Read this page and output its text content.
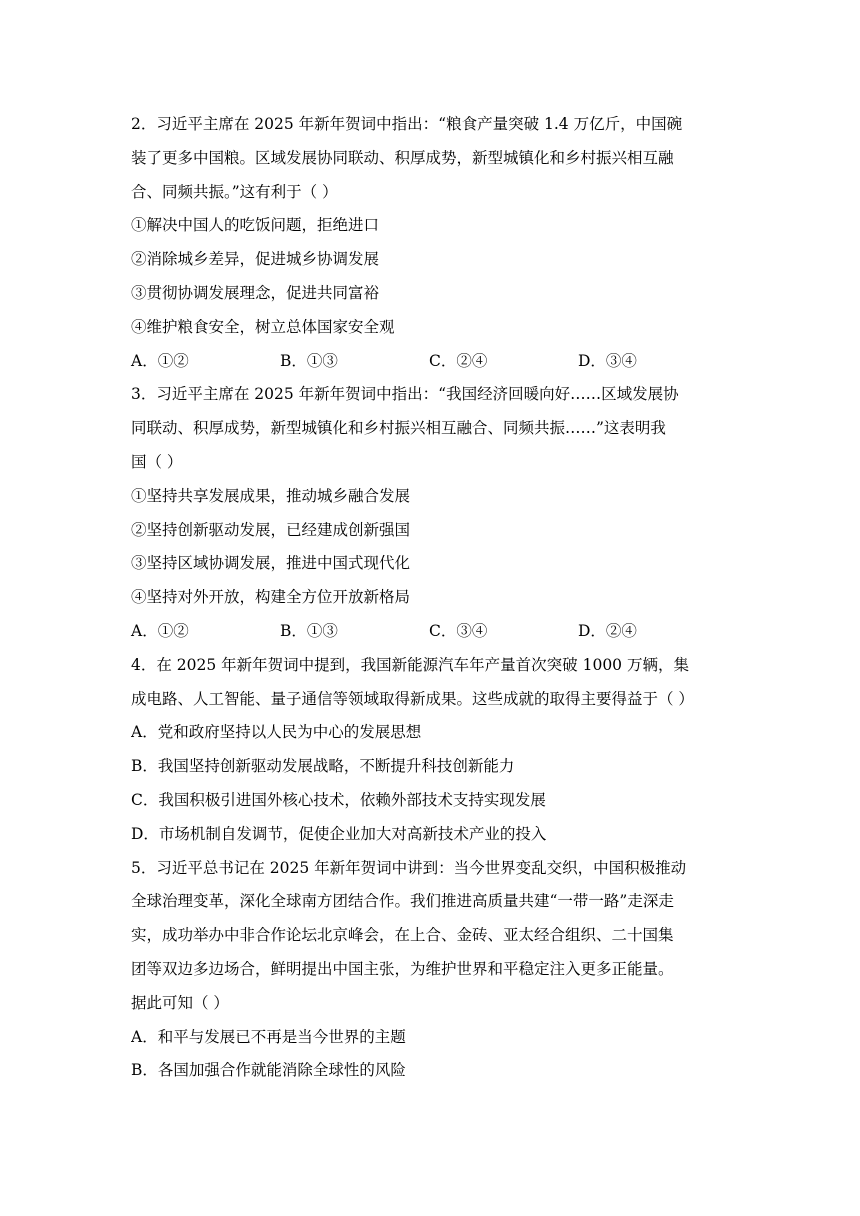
2．习近平主席在 2025 年新年贺词中指出：“粮食产量突破 1.4 万亿斤，中国碗
装了更多中国粮。区域发展协同联动、积厚成势，新型城镇化和乡村振兴相互融
合、同频共振。”这有利于（ ）
①解决中国人的吃饭问题，拒绝进口
②消除城乡差异，促进城乡协调发展
③贯彻协调发展理念，促进共同富裕
④维护粮食安全，树立总体国家安全观
A．①②	B．①③	C．②④	D．③④
3．习近平主席在 2025 年新年贺词中指出：“我国经济回暖向好……区域发展协
同联动、积厚成势，新型城镇化和乡村振兴相互融合、同频共振……”这表明我
国（ ）
①坚持共享发展成果，推动城乡融合发展
②坚持创新驱动发展，已经建成创新强国
③坚持区域协调发展，推进中国式现代化
④坚持对外开放，构建全方位开放新格局
A．①②	B．①③	C．③④	D．②④
4．在 2025 年新年贺词中提到，我国新能源汽车年产量首次突破 1000 万辆，集
成电路、人工智能、量子通信等领域取得新成果。这些成就的取得主要得益于（ ）
A．党和政府坚持以人民为中心的发展思想
B．我国坚持创新驱动发展战略，不断提升科技创新能力
C．我国积极引进国外核心技术，依赖外部技术支持实现发展
D．市场机制自发调节，促使企业加大对高新技术产业的投入
5．习近平总书记在 2025 年新年贺词中讲到：当今世界变乱交织，中国积极推动
全球治理变革，深化全球南方团结合作。我们推进高质量共建“一带一路”走深走
实，成功举办中非合作论坛北京峰会，在上合、金砖、亚太经合组织、二十国集
团等双边多边场合，鲜明提出中国主张，为维护世界和平稳定注入更多正能量。
据此可知（ ）
A．和平与发展已不再是当今世界的主题
B．各国加强合作就能消除全球性的风险
